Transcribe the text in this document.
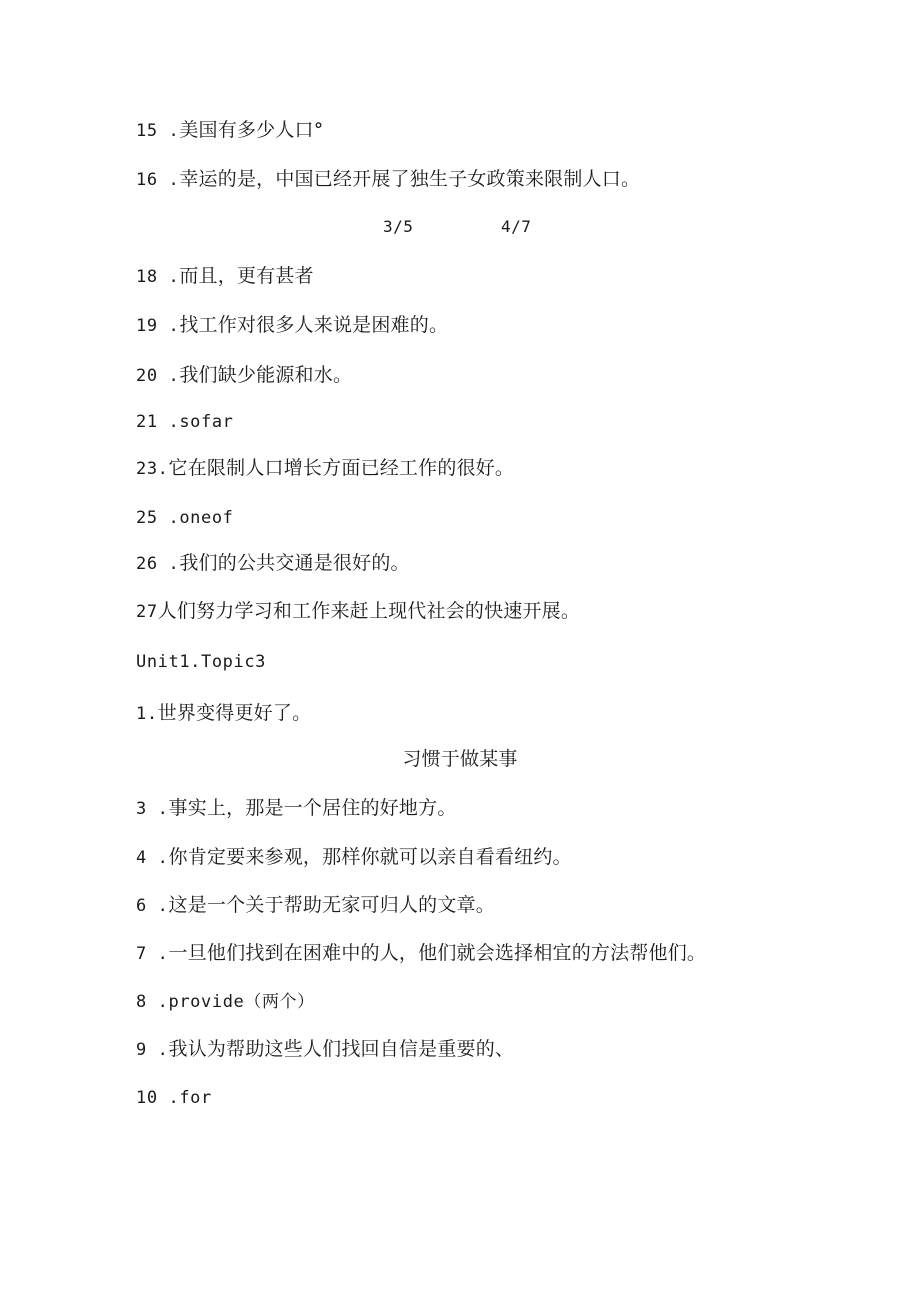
15 .美国有多少人口°
16 .幸运的是，中国已经开展了独生子女政策来限制人口。
3/5	4/7
18 .而且，更有甚者
19 .找工作对很多人来说是困难的。
20 .我们缺少能源和水。
21 .sofar
23.它在限制人口增长方面已经工作的很好。
25 .oneof
26 .我们的公共交通是很好的。
27人们努力学习和工作来赶上现代社会的快速开展。
Unit1.Topic3
1.世界变得更好了。
习惯于做某事
3 .事实上，那是一个居住的好地方。
4 .你肯定要来参观，那样你就可以亲自看看纽约。
6 .这是一个关于帮助无家可归人的文章。
7 .一旦他们找到在困难中的人，他们就会选择相宜的方法帮他们。
8 .provide（两个）
9 .我认为帮助这些人们找回自信是重要的、
10 .for
